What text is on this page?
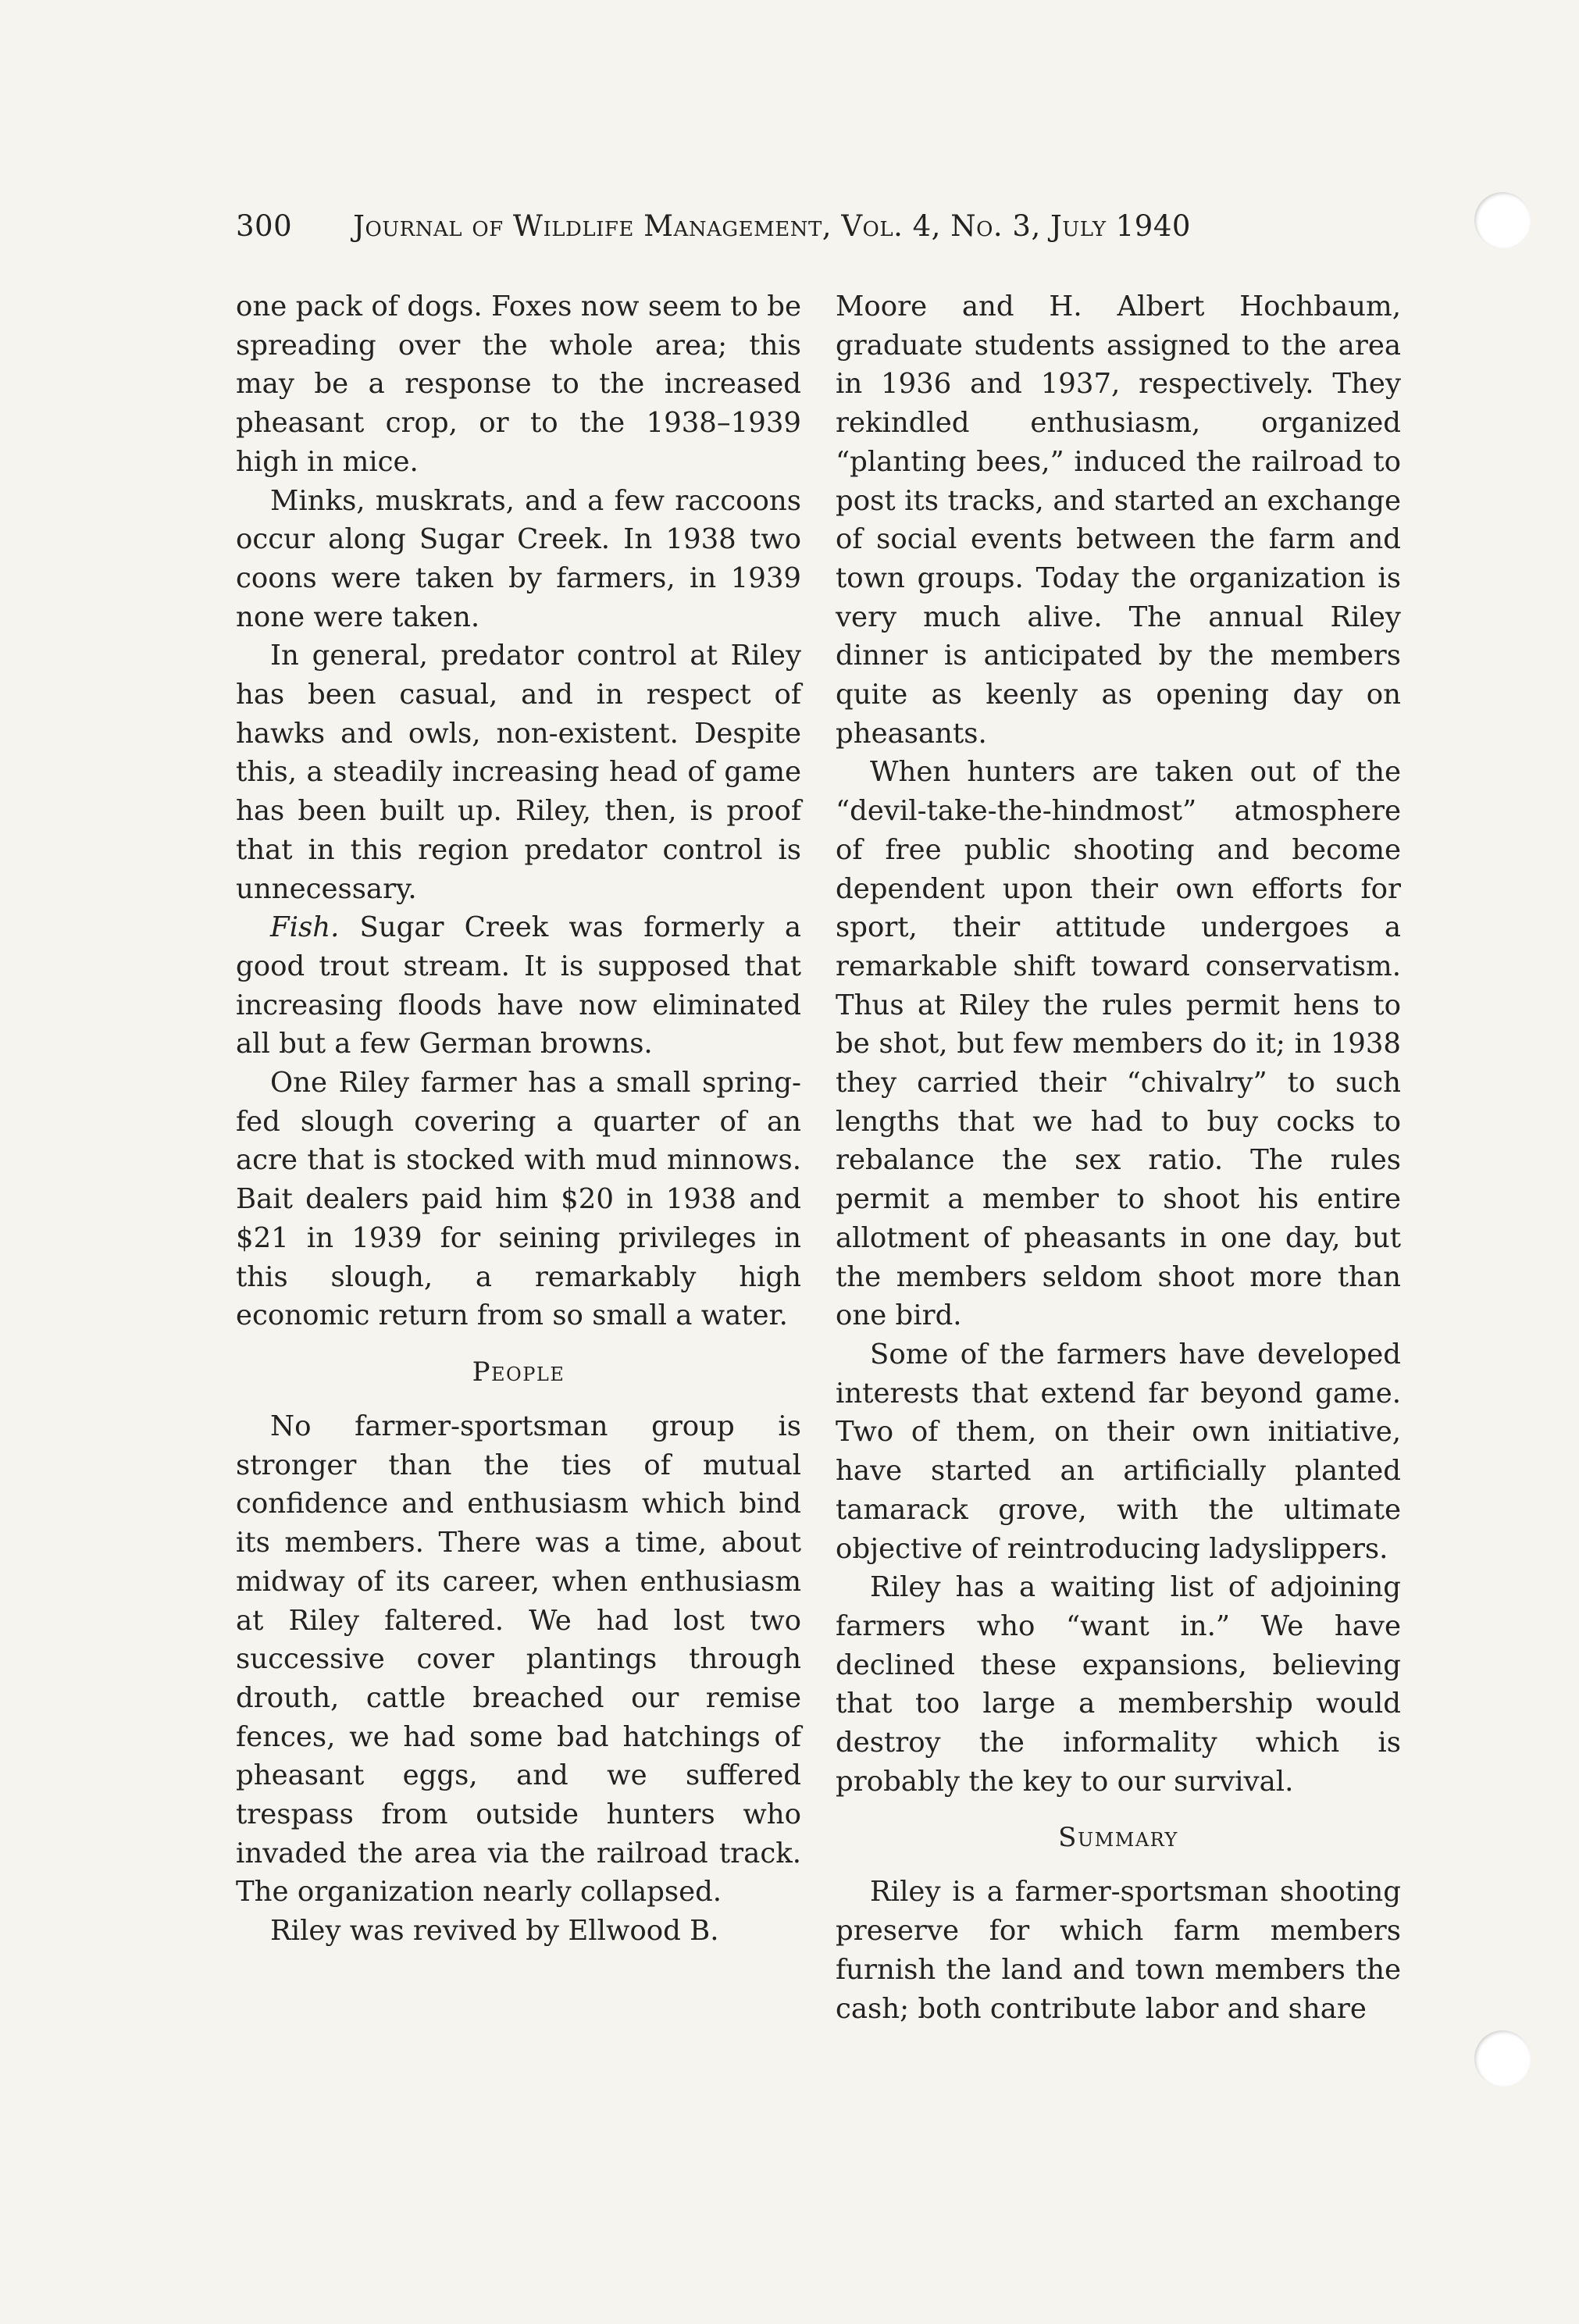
300 Journal of Wildlife Management, Vol. 4, No. 3, July 1940

one pack of dogs. Foxes now seem to be spreading over the whole area; this may be a response to the increased pheasant crop, or to the 1938–1939 high in mice.

Minks, muskrats, and a few raccoons occur along Sugar Creek. In 1938 two coons were taken by farmers, in 1939 none were taken.

In general, predator control at Riley has been casual, and in respect of hawks and owls, non-existent. Despite this, a steadily increasing head of game has been built up. Riley, then, is proof that in this region predator control is unnecessary.

Fish. Sugar Creek was formerly a good trout stream. It is supposed that increasing floods have now eliminated all but a few German browns.

One Riley farmer has a small spring-fed slough covering a quarter of an acre that is stocked with mud minnows. Bait dealers paid him $20 in 1938 and $21 in 1939 for seining privileges in this slough, a remarkably high economic return from so small a water.

People

No farmer-sportsman group is stronger than the ties of mutual confidence and enthusiasm which bind its members. There was a time, about midway of its career, when enthusiasm at Riley faltered. We had lost two successive cover plantings through drouth, cattle breached our remise fences, we had some bad hatchings of pheasant eggs, and we suffered trespass from outside hunters who invaded the area via the railroad track. The organization nearly collapsed.

Riley was revived by Ellwood B.

Moore and H. Albert Hochbaum, graduate students assigned to the area in 1936 and 1937, respectively. They rekindled enthusiasm, organized “planting bees,” induced the railroad to post its tracks, and started an exchange of social events between the farm and town groups. Today the organization is very much alive. The annual Riley dinner is anticipated by the members quite as keenly as opening day on pheasants.

When hunters are taken out of the “devil-take-the-hindmost” atmosphere of free public shooting and become dependent upon their own efforts for sport, their attitude undergoes a remarkable shift toward conservatism. Thus at Riley the rules permit hens to be shot, but few members do it; in 1938 they carried their “chivalry” to such lengths that we had to buy cocks to rebalance the sex ratio. The rules permit a member to shoot his entire allotment of pheasants in one day, but the members seldom shoot more than one bird.

Some of the farmers have developed interests that extend far beyond game. Two of them, on their own initiative, have started an artificially planted tamarack grove, with the ultimate objective of reintroducing ladyslippers.

Riley has a waiting list of adjoining farmers who “want in.” We have declined these expansions, believing that too large a membership would destroy the informality which is probably the key to our survival.

Summary

Riley is a farmer-sportsman shooting preserve for which farm members furnish the land and town members the cash; both contribute labor and share
